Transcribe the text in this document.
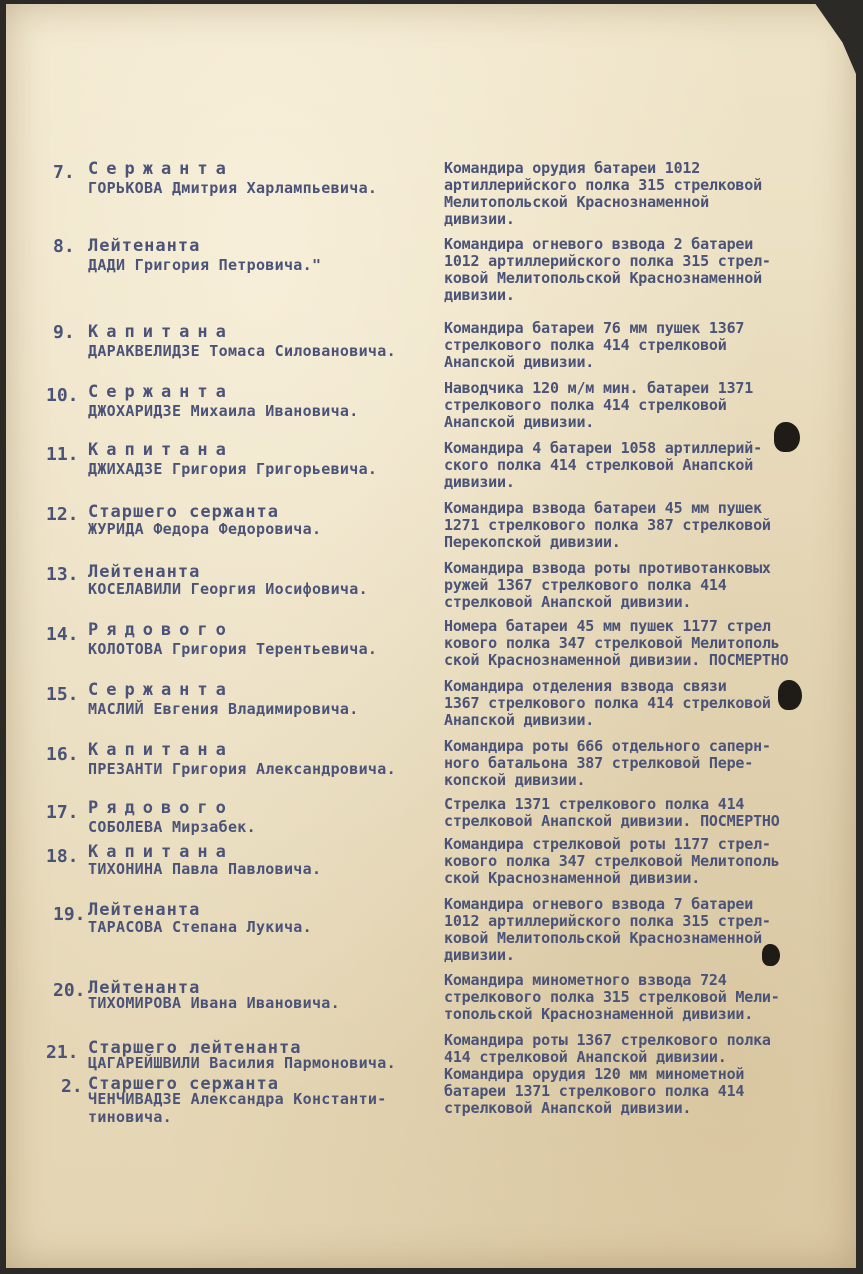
7. Сержанта
ГОРЬКОВА Дмитрия Харлампьевича.
Командира орудия батареи 1012
артиллерийского полка 315 стрелковой
Мелитопольской Краснознаменной
дивизии.
8. Лейтенанта
ДАДИ Григория Петровича."
Командира огневого взвода 2 батареи
1012 артиллерийского полка 315 стрел-
ковой Мелитопольской Краснознаменной
дивизии.
9. Капитана
ДАРАКВЕЛИДЗЕ Томаса Силовановича.
Командира батареи 76 мм пушек 1367
стрелкового полка 414 стрелковой
Анапской дивизии.
10. Сержанта
ДЖОХАРИДЗЕ Михаила Ивановича.
Наводчика 120 м/м мин. батареи 1371
стрелкового полка 414 стрелковой
Анапской дивизии.
11. Капитана
ДЖИХАДЗЕ Григория Григорьевича.
Командира 4 батареи 1058 артиллерий-
ского полка 414 стрелковой Анапской
дивизии.
12. Старшего сержанта
ЖУРИДА Федора Федоровича.
Командира взвода батареи 45 мм пушек
1271 стрелкового полка 387 стрелковой
Перекопской дивизии.
13. Лейтенанта
КОСЕЛАВИЛИ Георгия Иосифовича.
Командира взвода роты противотанковых
ружей 1367 стрелкового полка 414
стрелковой Анапской дивизии.
14. Рядового
КОЛОТОВА Григория Терентьевича.
Номера батареи 45 мм пушек 1177 стрел
кового полка 347 стрелковой Мелитополь
ской Краснознаменной дивизии. ПОСМЕРТНО
15. Сержанта
МАСЛИЙ Евгения Владимировича.
Командира отделения взвода связи
1367 стрелкового полка 414 стрелковой
Анапской дивизии.
16. Капитана
ПРЕЗАНТИ Григория Александровича.
Командира роты 666 отдельного саперн-
ного батальона 387 стрелковой Пере-
копской дивизии.
17. Рядового
СОБОЛЕВА Мирзабек.
Стрелка 1371 стрелкового полка 414
стрелковой Анапской дивизии. ПОСМЕРТНО
18. Капитана
ТИХОНИНА Павла Павловича.
Командира стрелковой роты 1177 стрел-
кового полка 347 стрелковой Мелитополь
ской Краснознаменной дивизии.
19. Лейтенанта
ТАРАСОВА Степана Лукича.
Командира огневого взвода 7 батареи
1012 артиллерийского полка 315 стрел-
ковой Мелитопольской Краснознаменной
дивизии.
20. Лейтенанта
ТИХОМИРОВА Ивана Ивановича.
Командира минометного взвода 724
стрелкового полка 315 стрелковой Мели-
топольской Краснознаменной дивизии.
21. Старшего лейтенанта
ЦАГАРЕЙШВИЛИ Василия Пармоновича.
Командира роты 1367 стрелкового полка
414 стрелковой Анапской дивизии.
2. Старшего сержанта
ЧЕНЧИВАДЗЕ Александра Константи-
тиновича.
Командира орудия 120 мм минометной
батареи 1371 стрелкового полка 414
стрелковой Анапской дивизии.
